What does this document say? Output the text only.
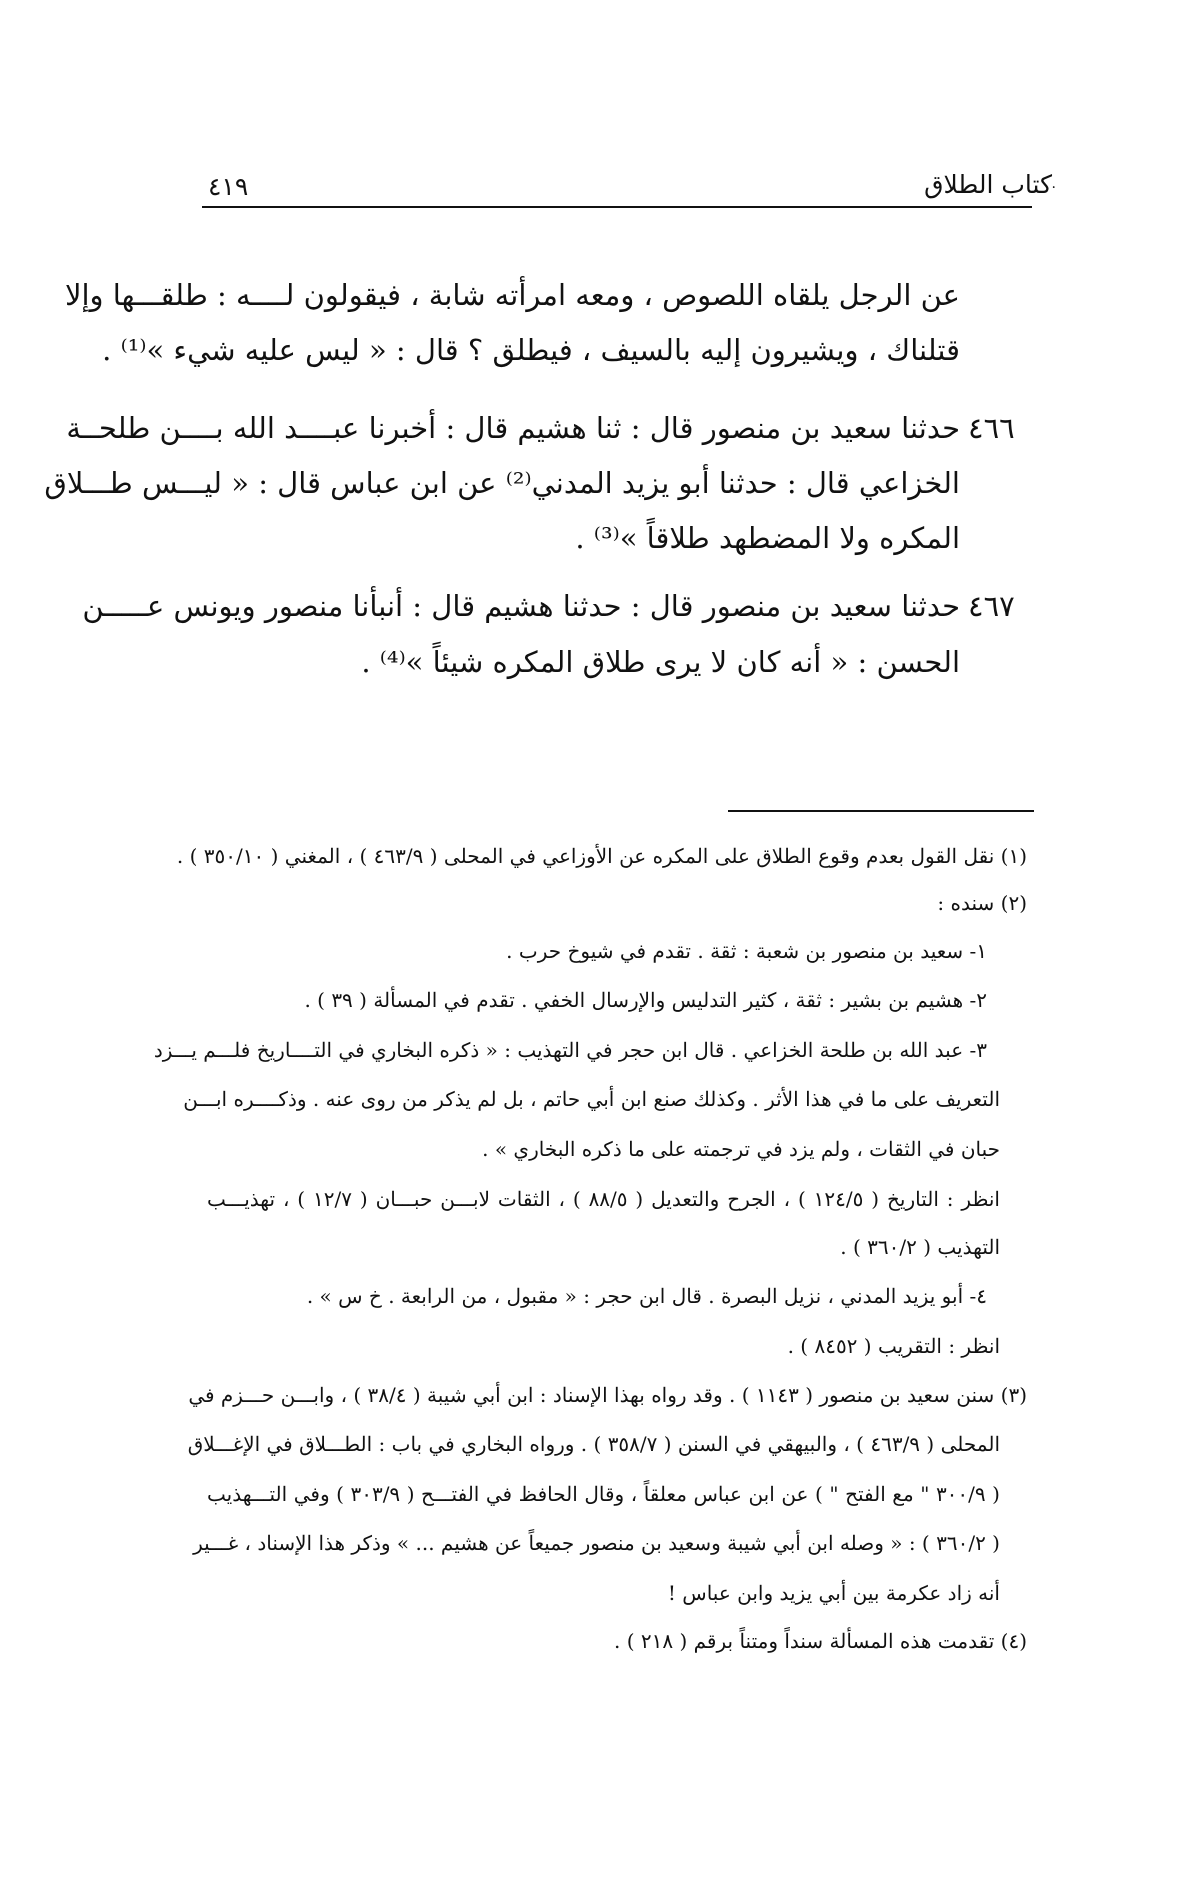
.
كتاب الطلاق
٤١٩
عن الرجل يلقاه اللصوص ، ومعه امرأته شابة ، فيقولون لــــه : طلقـــها وإلا
قتلناك ، ويشيرون إليه بالسيف ، فيطلق ؟ قال : « ليس عليه شيء »⁽¹⁾ .
٤٦٦
حدثنا سعيد بن منصور قال : ثنا هشيم قال : أخبرنا عبــــد الله بــــن طلحــة
الخزاعي قال : حدثنا أبو يزيد المدني⁽²⁾ عن ابن عباس قال : « ليـــس طـــلاق
المكره ولا المضطهد طلاقاً »⁽³⁾ .
٤٦٧
حدثنا سعيد بن منصور قال : حدثنا هشيم قال : أنبأنا منصور ويونس عـــــن
الحسن : « أنه كان لا يرى طلاق المكره شيئاً »⁽⁴⁾ .
(١) نقل القول بعدم وقوع الطلاق على المكره عن الأوزاعي في المحلى ( ٤٦٣/٩ ) ، المغني ( ٣٥٠/١٠ ) .
(٢) سنده :
١- سعيد بن منصور بن شعبة : ثقة . تقدم في شيوخ حرب .
٢- هشيم بن بشير : ثقة ، كثير التدليس والإرسال الخفي . تقدم في المسألة ( ٣٩ ) .
٣- عبد الله بن طلحة الخزاعي . قال ابن حجر في التهذيب : « ذكره البخاري في التــــاريخ فلـــم يـــزد
التعريف على ما في هذا الأثر . وكذلك صنع ابن أبي حاتم ، بل لم يذكر من روى عنه . وذكــــره ابـــن
حبان في الثقات ، ولم يزد في ترجمته على ما ذكره البخاري » .
انظر : التاريخ ( ١٢٤/٥ ) ، الجرح والتعديل ( ٨٨/٥ ) ، الثقات لابـــن حبـــان ( ١٢/٧ ) ، تهذيـــب
التهذيب ( ٣٦٠/٢ ) .
٤- أبو يزيد المدني ، نزيل البصرة . قال ابن حجر : « مقبول ، من الرابعة . خ س » .
انظر : التقريب ( ٨٤٥٢ ) .
(٣) سنن سعيد بن منصور ( ١١٤٣ ) . وقد رواه بهذا الإسناد : ابن أبي شيبة ( ٣٨/٤ ) ، وابـــن حـــزم في
المحلى ( ٤٦٣/٩ ) ، والبيهقي في السنن ( ٣٥٨/٧ ) . ورواه البخاري في باب : الطـــلاق في الإغـــلاق
( ٣٠٠/٩ " مع الفتح " ) عن ابن عباس معلقاً ، وقال الحافظ في الفتـــح ( ٣٠٣/٩ ) وفي التـــهذيب
( ٣٦٠/٢ ) : « وصله ابن أبي شيبة وسعيد بن منصور جميعاً عن هشيم ... » وذكر هذا الإسناد ، غـــير
أنه زاد عكرمة بين أبي يزيد وابن عباس !
(٤) تقدمت هذه المسألة سنداً ومتناً برقم ( ٢١٨ ) .
